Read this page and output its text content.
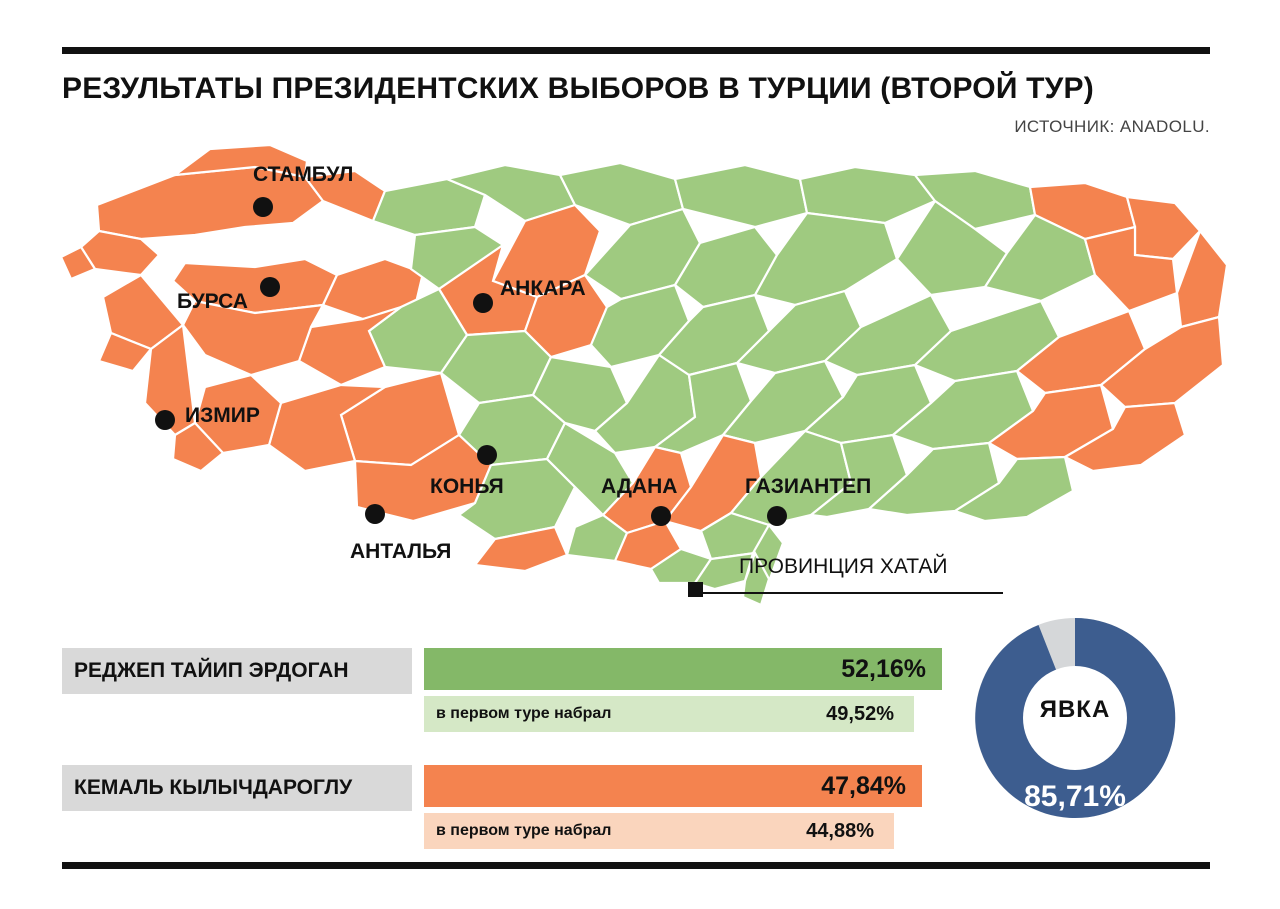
РЕЗУЛЬТАТЫ ПРЕЗИДЕНТСКИХ ВЫБОРОВ В ТУРЦИИ (ВТОРОЙ ТУР)
ИСТОЧНИК: ANADOLU.
СТАМБУЛ
БУРСА
АНКАРА
ИЗМИР
КОНЬЯ	АДАНА	ГАЗИАНТЕП
АНТАЛЬЯ
ПРОВИНЦИЯ ХАТАЙ
РЕДЖЕП ТАЙИП ЭРДОГАН	52,16%
в первом туре набрал	49,52%
КЕМАЛЬ КЫЛЫЧДАРОГЛУ	47,84%
в первом туре набрал	44,88%
ЯВКА
85,71%
